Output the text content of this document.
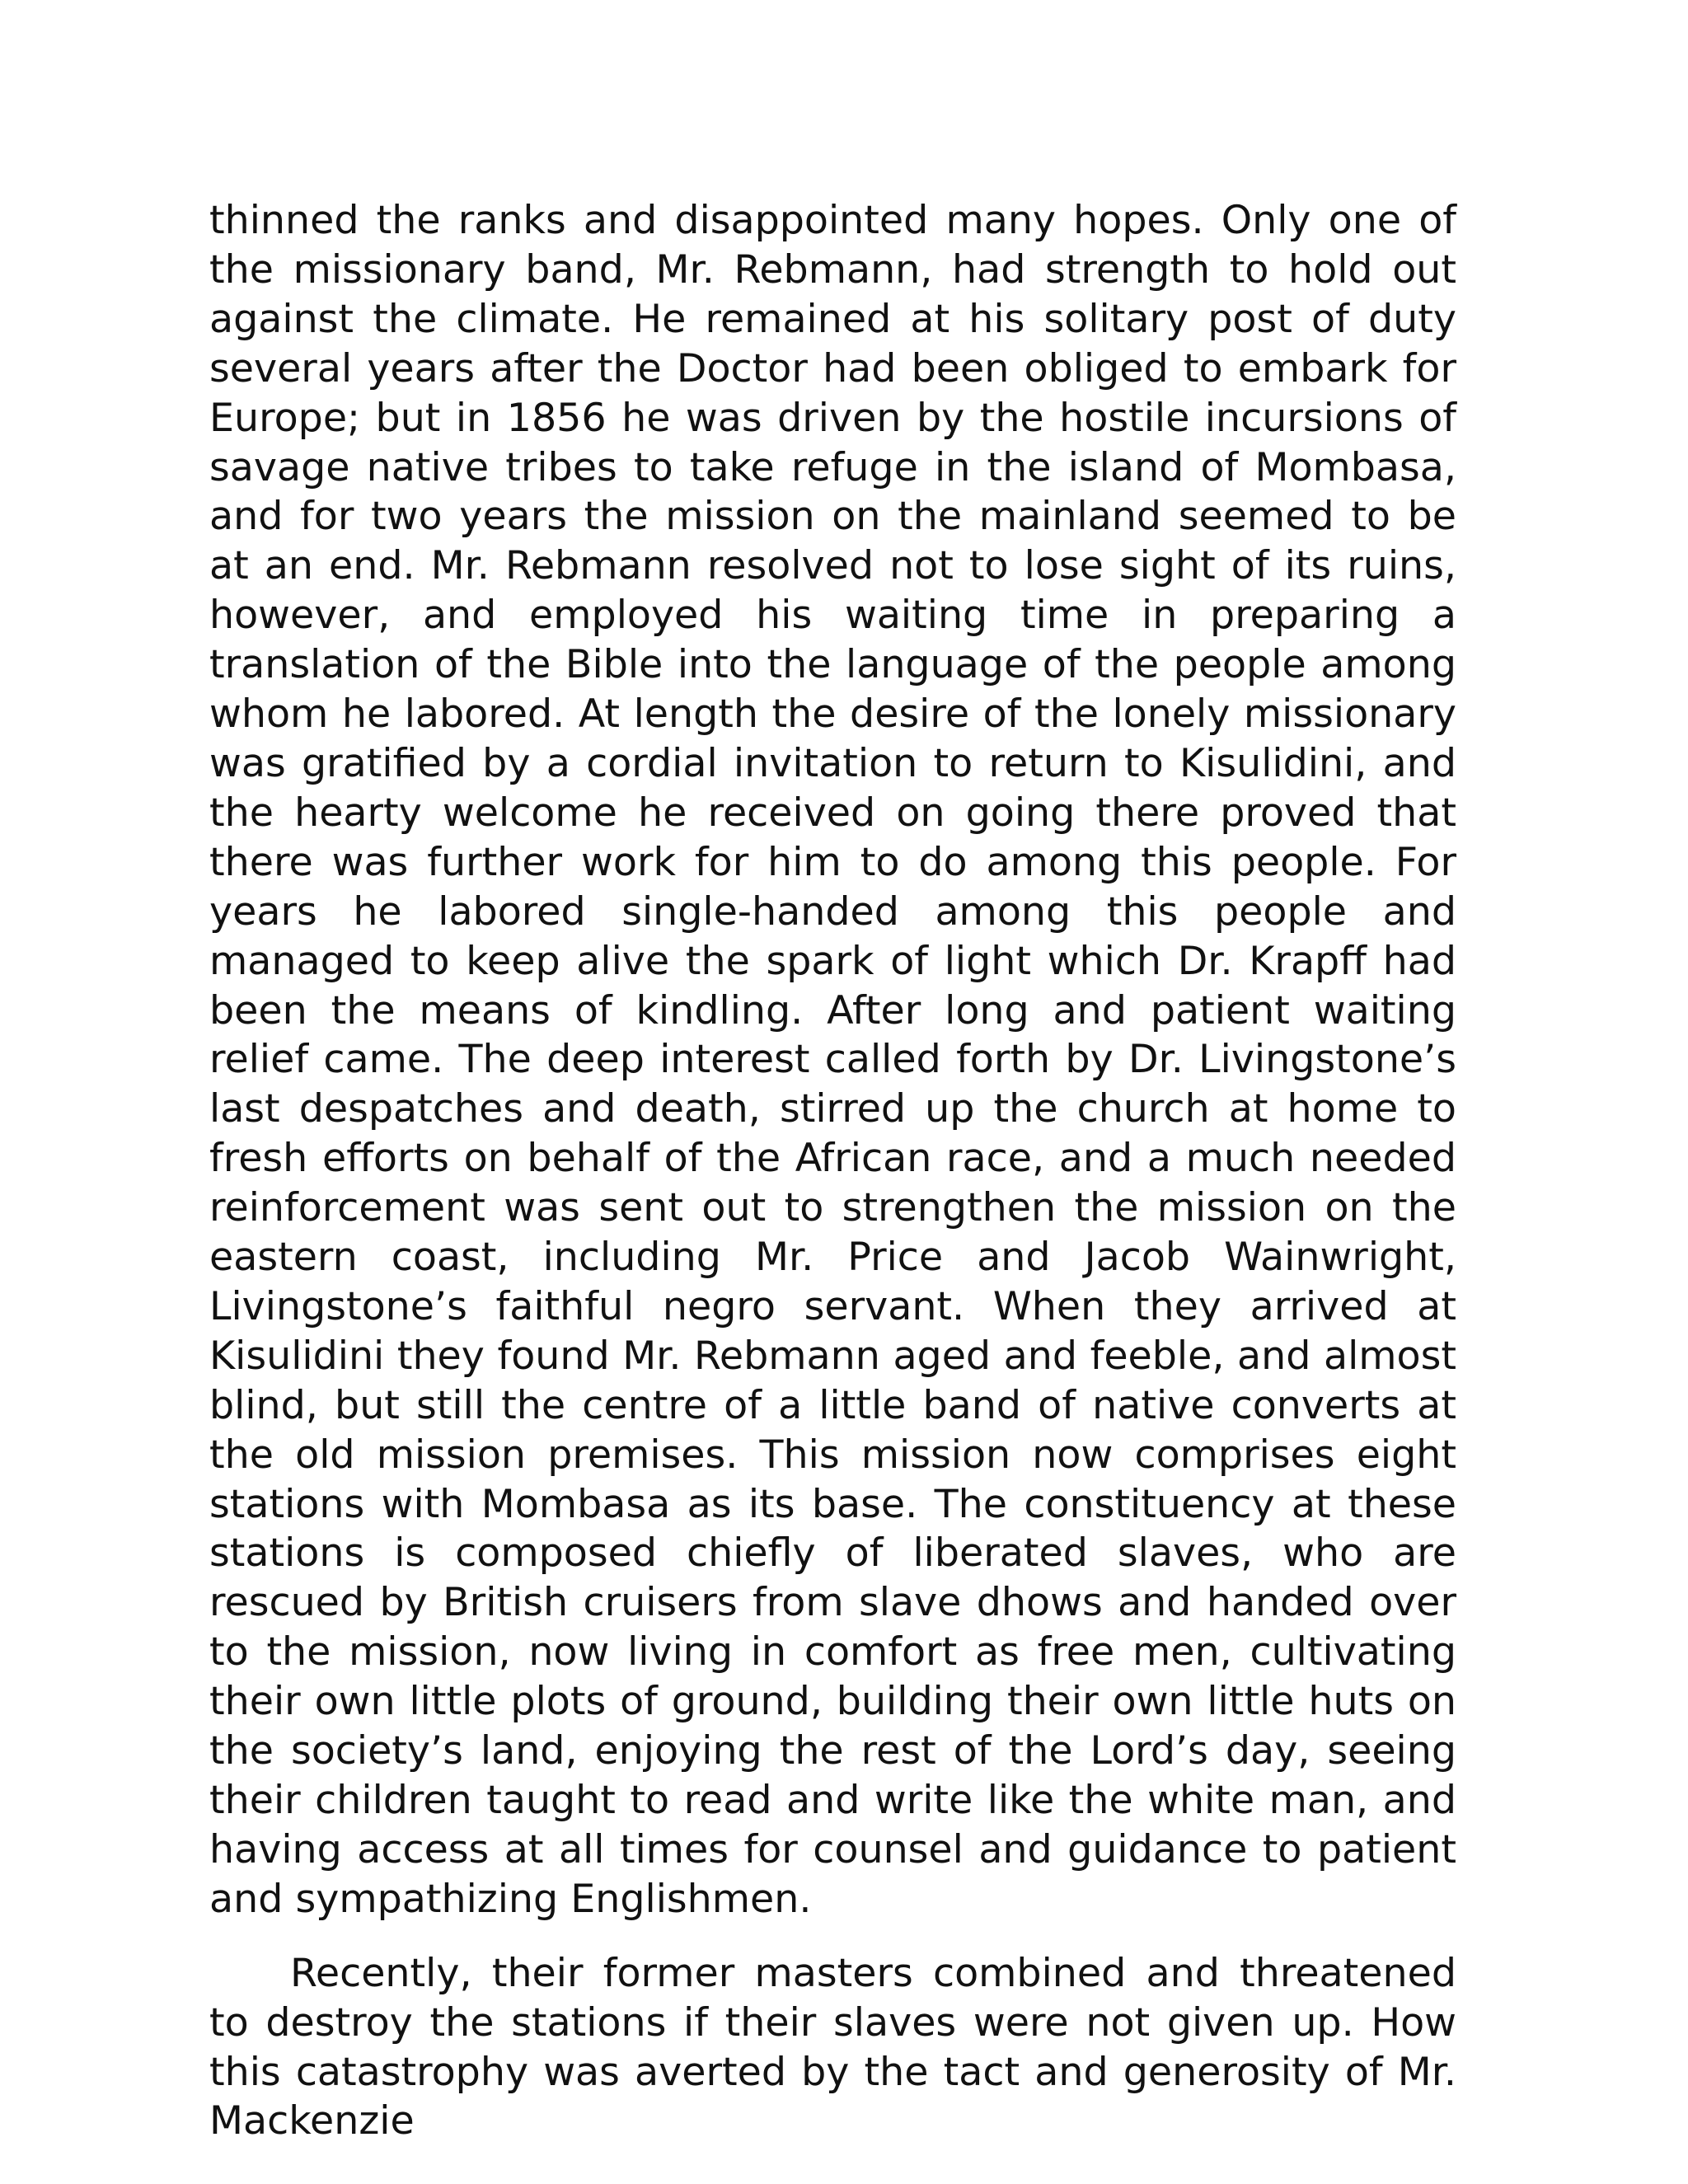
thinned the ranks and disappointed many hopes. Only one of the missionary band, Mr. Rebmann, had strength to hold out against the climate. He remained at his solitary post of duty several years after the Doctor had been obliged to embark for Europe; but in 1856 he was driven by the hostile incursions of savage native tribes to take refuge in the island of Mombasa, and for two years the mission on the mainland seemed to be at an end. Mr. Rebmann resolved not to lose sight of its ruins, however, and employed his waiting time in preparing a translation of the Bible into the language of the people among whom he labored. At length the desire of the lonely missionary was gratified by a cordial invitation to return to Kisulidini, and the hearty welcome he received on going there proved that there was further work for him to do among this people. For years he labored single-handed among this people and managed to keep alive the spark of light which Dr. Krapff had been the means of kindling. After long and patient waiting relief came. The deep interest called forth by Dr. Livingstone’s last despatches and death, stirred up the church at home to fresh efforts on behalf of the African race, and a much needed reinforcement was sent out to strengthen the mission on the eastern coast, including Mr. Price and Jacob Wainwright, Livingstone’s faithful negro servant. When they arrived at Kisulidini they found Mr. Rebmann aged and feeble, and almost blind, but still the centre of a little band of native converts at the old mission premises. This mission now comprises eight stations with Mombasa as its base. The constituency at these stations is composed chiefly of liberated slaves, who are rescued by British cruisers from slave dhows and handed over to the mission, now living in comfort as free men, cultivating their own little plots of ground, building their own little huts on the society’s land, enjoying the rest of the Lord’s day, seeing their children taught to read and write like the white man, and having access at all times for counsel and guidance to patient and sympathizing Englishmen.

Recently, their former masters combined and threatened to destroy the stations if their slaves were not given up. How this catastrophy was averted by the tact and generosity of Mr. Mackenzie
